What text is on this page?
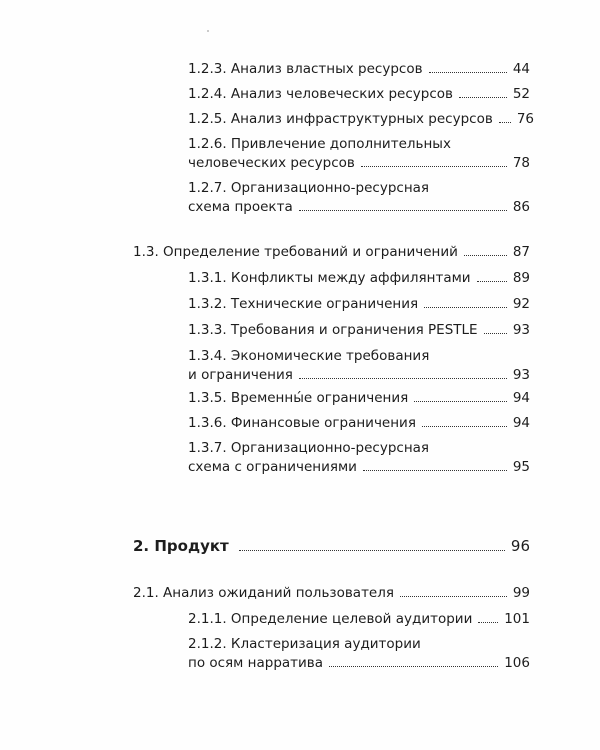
1.2.3. Анализ властных ресурсов	44
1.2.4. Анализ человеческих ресурсов	52
1.2.5. Анализ инфраструктурных ресурсов 76
1.2.6. Привлечение дополнительных
человеческих ресурсов	78
1.2.7. Организационно-ресурсная
схема проекта	86
1.3. Определение требований и ограничений	87
1.3.1. Конфликты между аффилянтами	89
1.3.2. Технические ограничения	92
1.3.3. Требования и ограничения PESTLE	93
1.3.4. Экономические требования
и ограничения	93
1.3.5. Временны́е ограничения	94
1.3.6. Финансовые ограничения	94
1.3.7. Организационно-ресурсная
схема с ограничениями	95
2. Продукт	96
2.1. Анализ ожиданий пользователя	99
2.1.1. Определение целевой аудитории 101
2.1.2. Кластеризация аудитории
по осям нарратива	106
